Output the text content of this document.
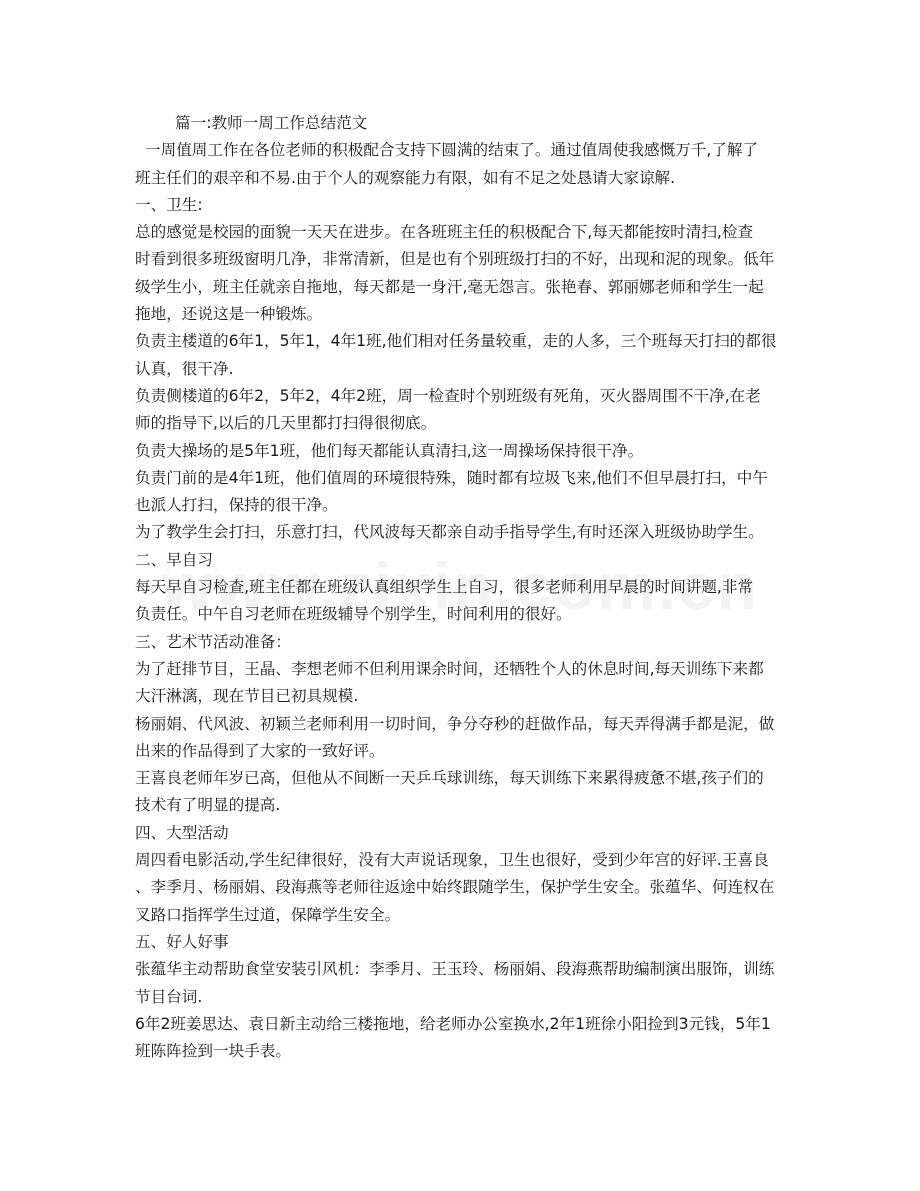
篇一:教师一周工作总结范文
一周值周工作在各位老师的积极配合支持下圆满的结束了。通过值周使我感慨万千,了解了
班主任们的艰辛和不易.由于个人的观察能力有限，如有不足之处恳请大家谅解.
一、卫生:
总的感觉是校园的面貌一天天在进步。在各班班主任的积极配合下,每天都能按时清扫,检查
时看到很多班级窗明几净，非常清新，但是也有个别班级打扫的不好，出现和泥的现象。低年
级学生小，班主任就亲自拖地，每天都是一身汗,毫无怨言。张艳春、郭丽娜老师和学生一起
拖地，还说这是一种锻炼。
负责主楼道的6年1，5年1，4年1班,他们相对任务量较重，走的人多，三个班每天打扫的都很
认真，很干净.
负责侧楼道的6年2，5年2，4年2班，周一检查时个别班级有死角，灭火器周围不干净,在老
师的指导下,以后的几天里都打扫得很彻底。
负责大操场的是5年1班，他们每天都能认真清扫,这一周操场保持很干净。
负责门前的是4年1班，他们值周的环境很特殊，随时都有垃圾飞来,他们不但早晨打扫，中午
也派人打扫，保持的很干净。
为了教学生会打扫，乐意打扫，代风波每天都亲自动手指导学生,有时还深入班级协助学生。
二、早自习
每天早自习检查,班主任都在班级认真组织学生上自习，很多老师利用早晨的时间讲题,非常
负责任。中午自习老师在班级辅导个别学生，时间利用的很好。
三、艺术节活动准备：
为了赶排节目，王晶、李想老师不但利用课余时间，还牺牲个人的休息时间,每天训练下来都
大汗淋漓，现在节目已初具规模.
杨丽娟、代风波、初颖兰老师利用一切时间，争分夺秒的赶做作品，每天弄得满手都是泥，做
出来的作品得到了大家的一致好评。
王喜良老师年岁已高，但他从不间断一天乒乓球训练，每天训练下来累得疲惫不堪,孩子们的
技术有了明显的提高.
四、大型活动
周四看电影活动,学生纪律很好，没有大声说话现象，卫生也很好，受到少年宫的好评.王喜良
、李季月、杨丽娟、段海燕等老师往返途中始终跟随学生，保护学生安全。张蕴华、何连权在
叉路口指挥学生过道，保障学生安全。
五、好人好事
张蕴华主动帮助食堂安装引风机：李季月、王玉玲、杨丽娟、段海燕帮助编制演出服饰，训练
节目台词.
6年2班姜思达、袁日新主动给三楼拖地，给老师办公室换水,2年1班徐小阳捡到3元钱，5年1
班陈阵捡到一块手表。
